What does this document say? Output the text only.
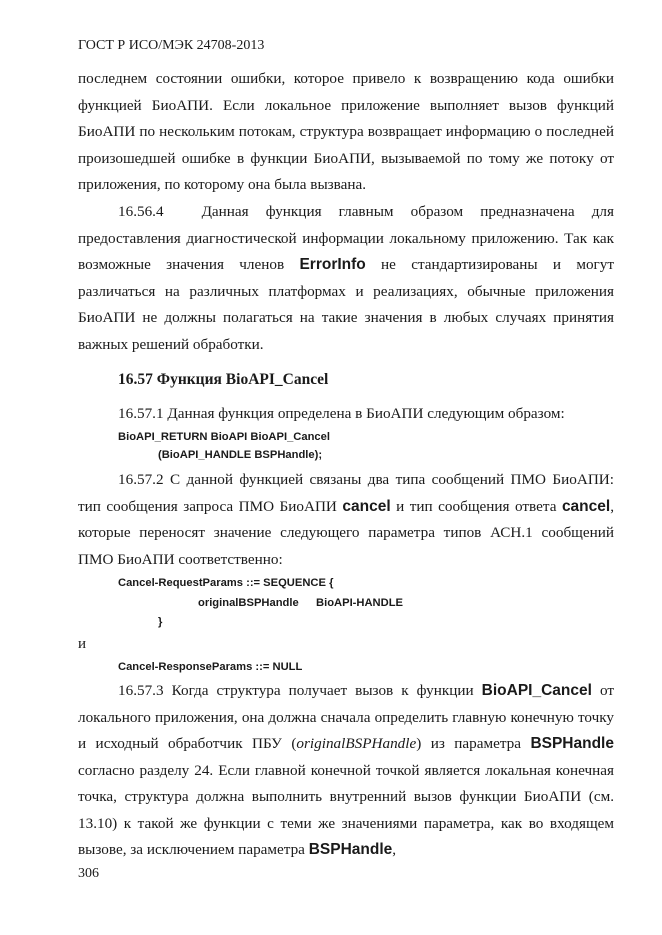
ГОСТ Р ИСО/МЭК 24708-2013
последнем состоянии ошибки, которое привело к возвращению кода ошибки функцией БиоАПИ. Если локальное приложение выполняет вызов функций БиоАПИ по нескольким потокам, структура возвращает информацию о последней произошедшей ошибке в функции БиоАПИ, вызываемой по тому же потоку от приложения, по которому она была вызвана.
16.56.4	Данная функция главным образом предназначена для предоставления диагностической информации локальному приложению. Так как возможные значения членов ErrorInfo не стандартизированы и могут различаться на различных платформах и реализациях, обычные приложения БиоАПИ не должны полагаться на такие значения в любых случаях принятия важных решений обработки.
16.57 Функция BioAPI_Cancel
16.57.1 Данная функция определена в БиоАПИ следующим образом:
BioAPI_RETURN BioAPI BioAPI_Cancel
(BioAPI_HANDLE BSPHandle);
16.57.2 С данной функцией связаны два типа сообщений ПМО БиоАПИ: тип сообщения запроса ПМО БиоАПИ cancel и тип сообщения ответа cancel, которые переносят значение следующего параметра типов АСН.1 сообщений ПМО БиоАПИ соответственно:
Cancel-RequestParams ::= SEQUENCE {
originalBSPHandle BioAPI-HANDLE
}
и
Cancel-ResponseParams ::= NULL
16.57.3 Когда структура получает вызов к функции BioAPI_Cancel от локального приложения, она должна сначала определить главную конечную точку и исходный обработчик ПБУ (originalBSPHandle) из параметра BSPHandle согласно разделу 24. Если главной конечной точкой является локальная конечная точка, структура должна выполнить внутренний вызов функции БиоАПИ (см. 13.10) к такой же функции с теми же значениями параметра, как во входящем вызове, за исключением параметра BSPHandle,
306
